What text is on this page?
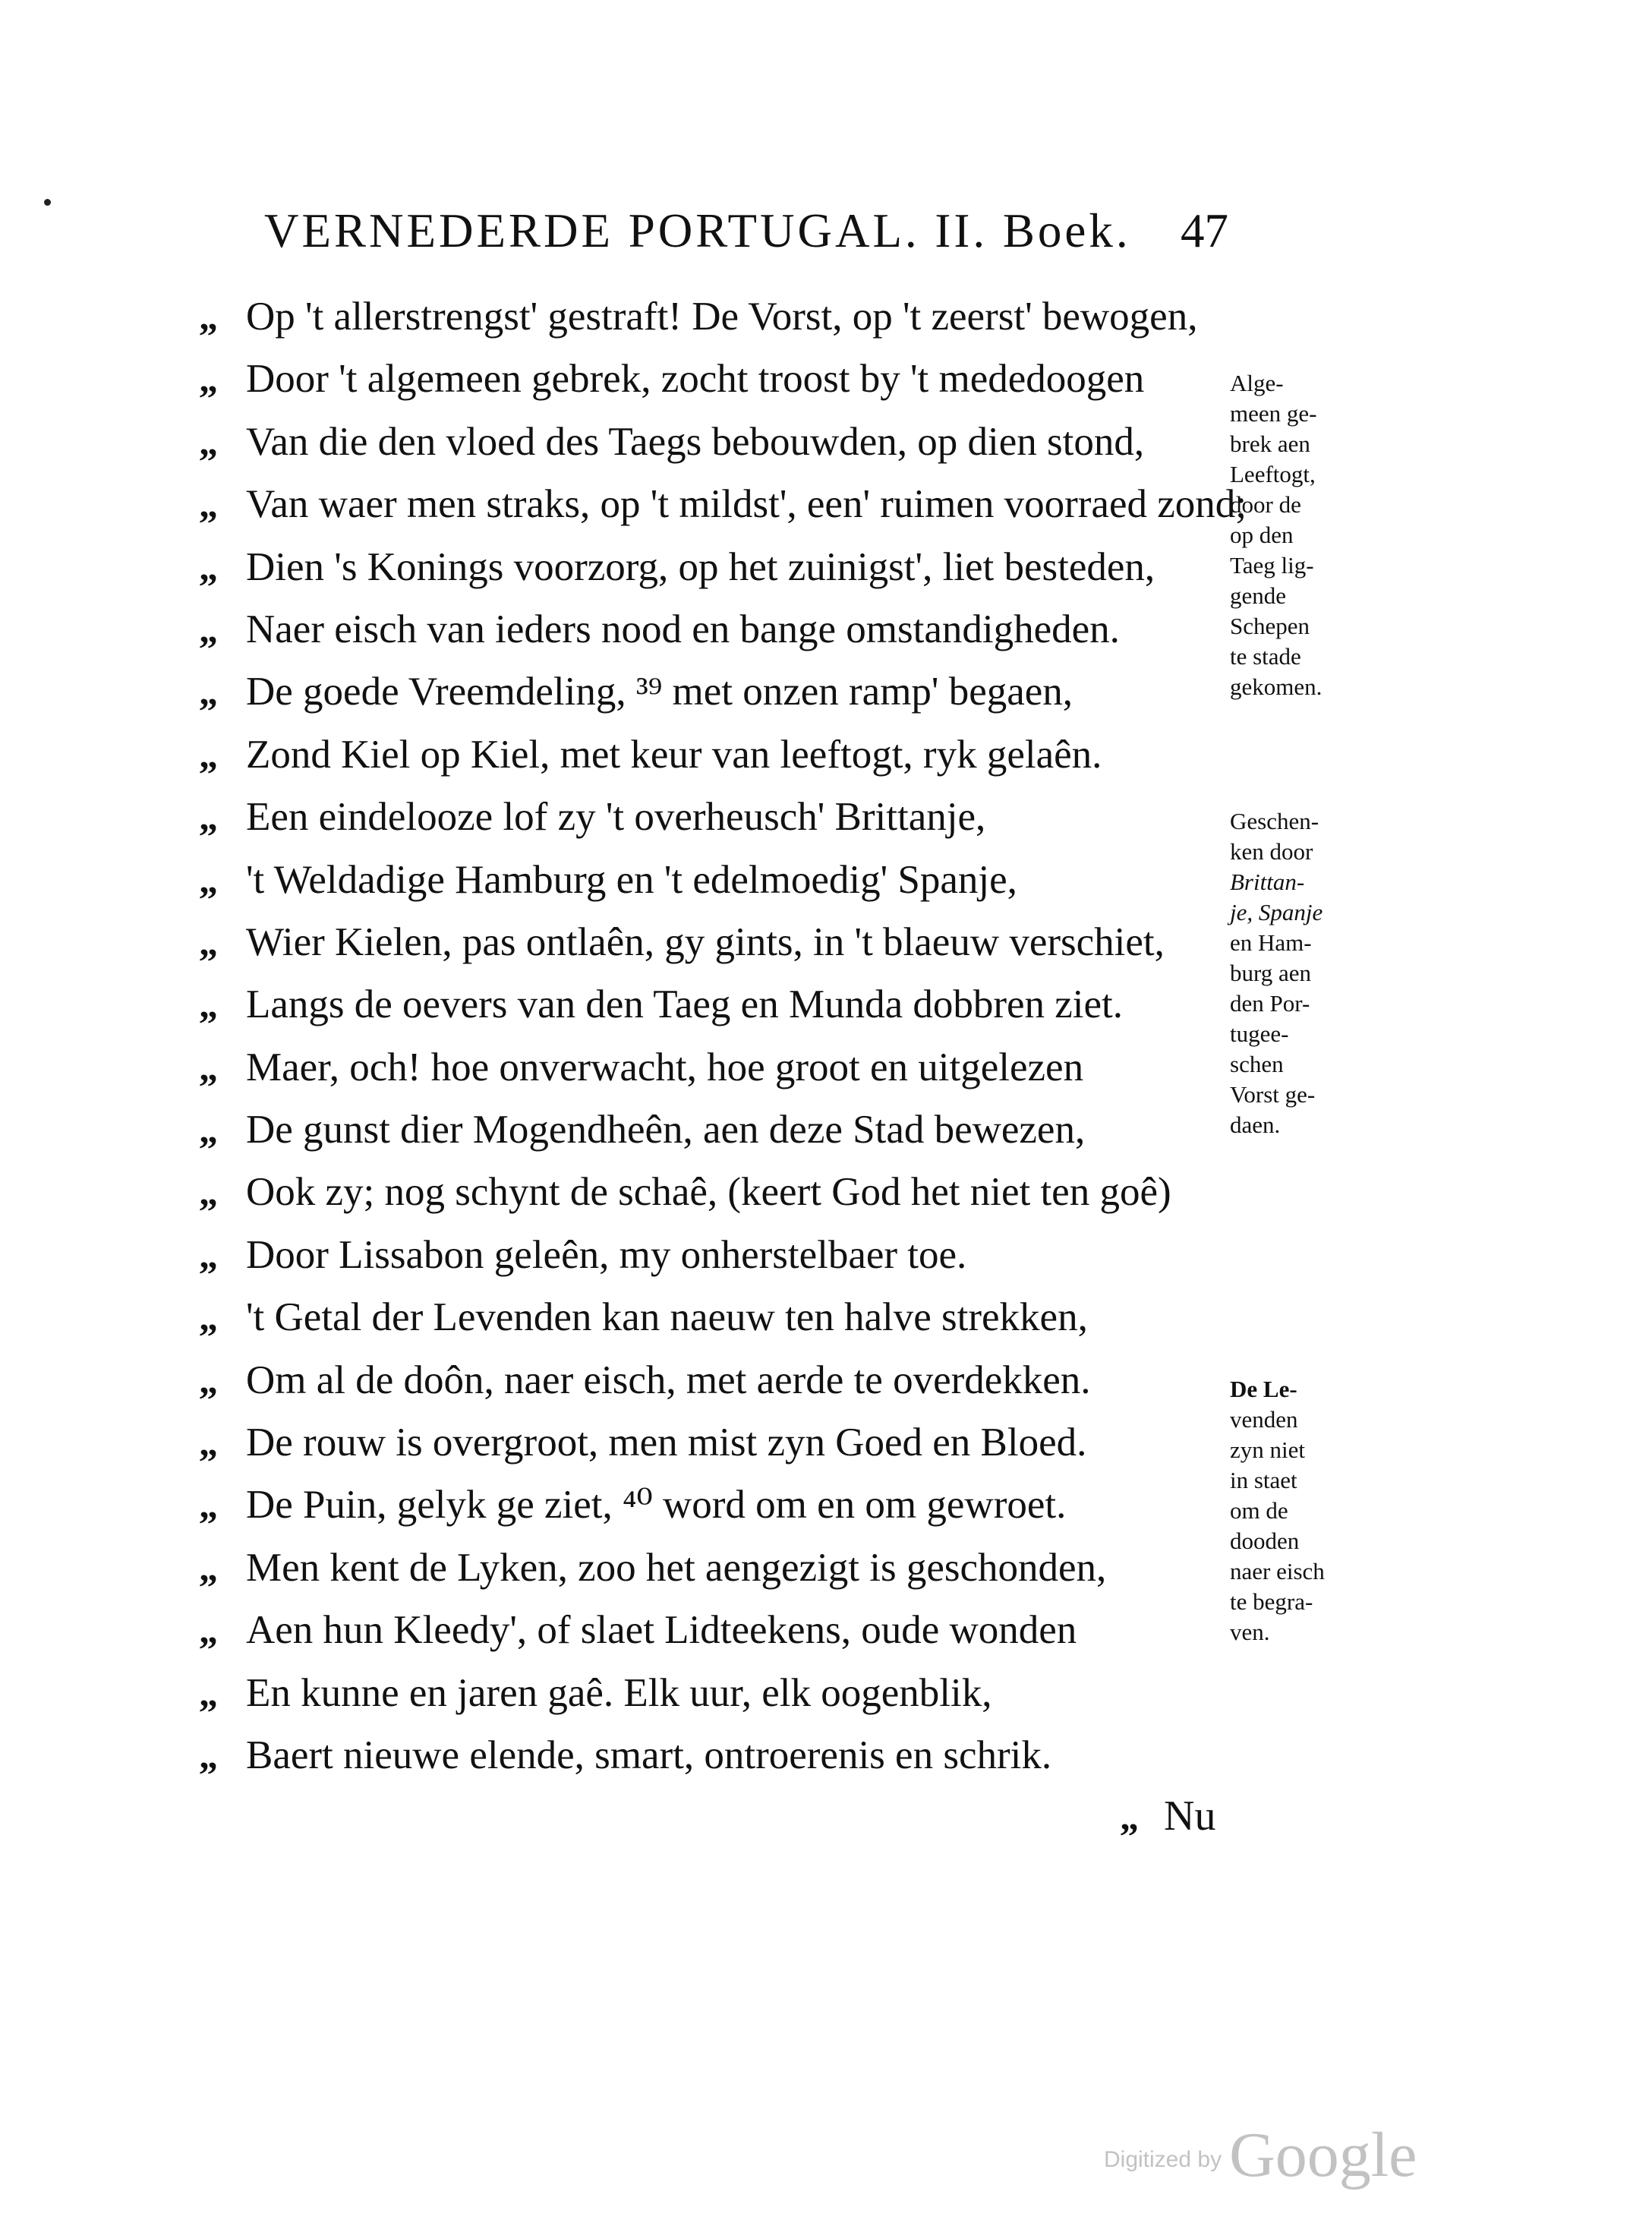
VERNEDERDE PORTUGAL. II. Boek. 47
„ Op 't allerstrengst' gestraft! De Vorst, op 't zeerst' bewogen,
„ Door 't algemeen gebrek, zocht troost by 't mededoogen
„ Van die den vloed des Taegs bebouwden, op dien stond,
„ Van waer men straks, op 't mildst', een' ruimen voorraed zond;
„ Dien 's Konings voorzorg, op het zuinigst', liet besteden,
„ Naer eisch van ieders nood en bange omstandigheden.
„ De goede Vreemdeling, ³⁹ met onzen ramp' begaen,
„ Zond Kiel op Kiel, met keur van leeftogt, ryk gelaên.
„ Een eindelooze lof zy 't overheusch' Brittanje,
„ 't Weldadige Hamburg en 't edelmoedig' Spanje,
„ Wier Kielen, pas ontlaên, gy gints, in 't blaeuw verschiet,
„ Langs de oevers van den Taeg en Munda dobbren ziet.
„ Maer, och! hoe onverwacht, hoe groot en uitgelezen
„ De gunst dier Mogendheên, aen deze Stad bewezen,
„ Ook zy; nog schynt de schaê, (keert God het niet ten goê)
„ Door Lissabon geleên, my onherstelbaer toe.
„ 't Getal der Levenden kan naeuw ten halve strekken,
„ Om al de doôn, naer eisch, met aerde te overdekken.
„ De rouw is overgroot, men mist zyn Goed en Bloed.
„ De Puin, gelyk ge ziet, ⁴⁰ word om en om gewroet.
„ Men kent de Lyken, zoo het aengezigt is geschonden,
„ Aen hun Kleedy', of slaet Lidteekens, oude wonden
„ En kunne en jaren gaê. Elk uur, elk oogenblik,
„ Baert nieuwe elende, smart, ontroerenis en schrik.
„ Nu
Alge-
meen ge-
brek aen
Leeftogt,
door de
op den
Taeg lig-
gende
Schepen
te stade
gekomen.
Geschen-
ken door
Brittan-
je, Spanje
en Ham-
burg aen
den Por-
tugee-
schen
Vorst ge-
daen.
De Le-
venden
zyn niet
in staet
om de
dooden
naer eisch
te begra-
ven.
Digitized by Google
